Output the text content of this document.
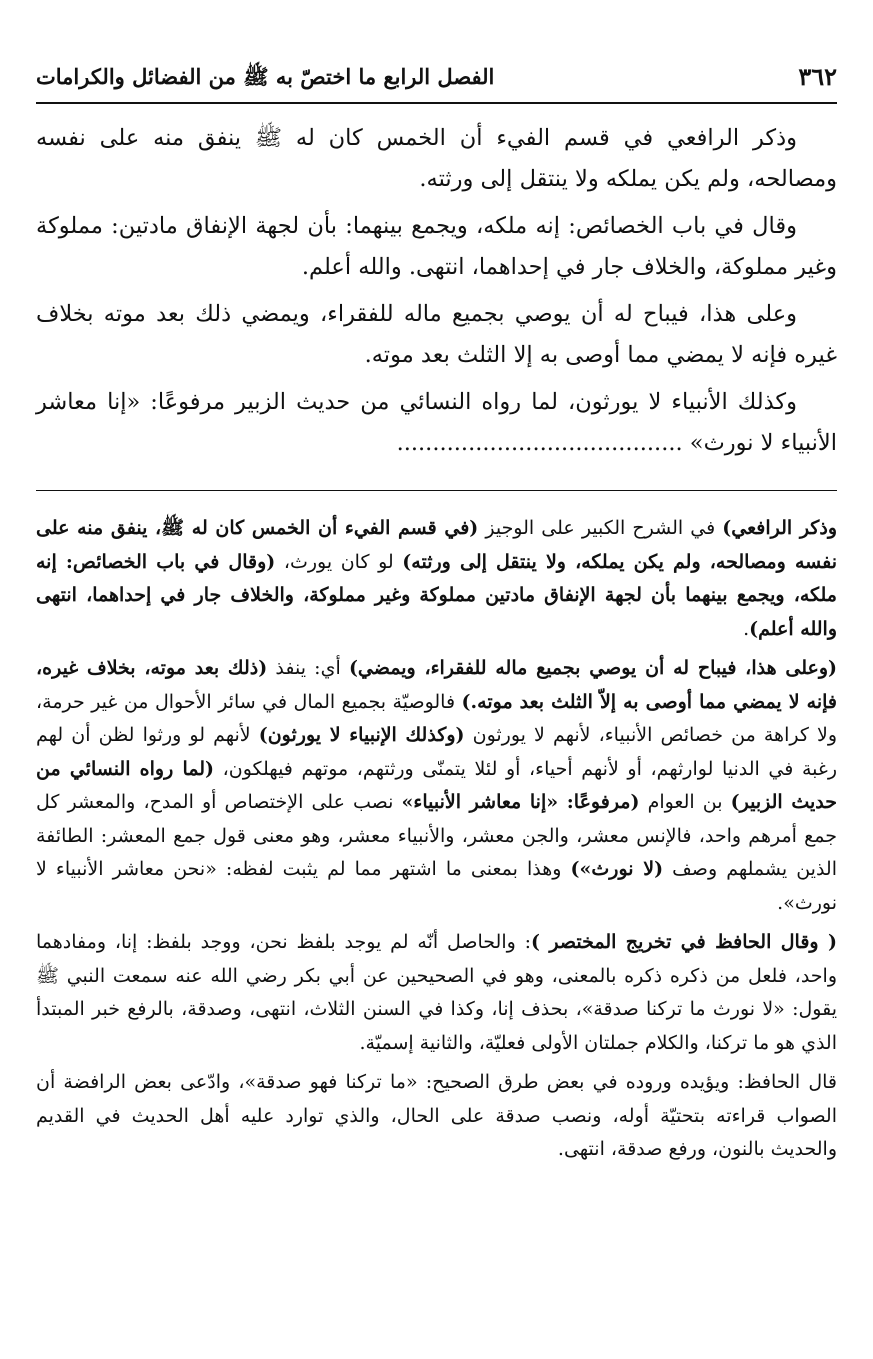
٣٦٢
الفصل الرابع ما اختصّ به ﷺ من الفضائل والكرامات

وذكر الرافعي في قسم الفيء أن الخمس كان له ﷺ ينفق منه على نفسه ومصالحه، ولم يكن يملكه ولا ينتقل إلى ورثته.

وقال في باب الخصائص: إنه ملكه، ويجمع بينهما: بأن لجهة الإنفاق مادتين: مملوكة وغير مملوكة، والخلاف جار في إحداهما، انتهى. والله أعلم.

وعلى هذا، فيباح له أن يوصي بجميع ماله للفقراء، ويمضي ذلك بعد موته بخلاف غيره فإنه لا يمضي مما أوصى به إلا الثلث بعد موته.

وكذلك الأنبياء لا يورثون، لما رواه النسائي من حديث الزبير مرفوعًا: «إنا معاشر الأنبياء لا نورث» ........................................

وذكر الرافعي) في الشرح الكبير على الوجيز (في قسم الفيء أن الخمس كان له ﷺ، ينفق منه على نفسه ومصالحه، ولم يكن يملكه، ولا ينتقل إلى ورثته) لو كان يورث، (وقال في باب الخصائص: إنه ملكه، ويجمع بينهما بأن لجهة الإنفاق مادتين مملوكة وغير مملوكة، والخلاف جار في إحداهما، انتهى والله أعلم).

(وعلى هذا، فيباح له أن يوصي بجميع ماله للفقراء، ويمضي) أي: ينفذ (ذلك بعد موته، بخلاف غيره، فإنه لا يمضي مما أوصى به إلاّ الثلث بعد موته.) فالوصيّة بجميع المال في سائر الأحوال من غير حرمة، ولا كراهة من خصائص الأنبياء، لأنهم لا يورثون (وكذلك الإنبياء لا يورثون) لأنهم لو ورثوا لظن أن لهم رغبة في الدنيا لوارثهم، أو لأنهم أحياء، أو لئلا يتمنّى ورثتهم، موتهم فيهلكون، (لما رواه النسائي من حديث الزبير) بن العوام (مرفوعًا: «إنا معاشر الأنبياء» نصب على الإختصاص أو المدح، والمعشر كل جمع أمرهم واحد، فالإنس معشر، والجن معشر، والأنبياء معشر، وهو معنى قول جمع المعشر: الطائفة الذين يشملهم وصف (لا نورث») وهذا بمعنى ما اشتهر مما لم يثبت لفظه: «نحن معاشر الأنبياء لا نورث».

( وقال الحافظ في تخريج المختصر ): والحاصل أنّه لم يوجد بلفظ نحن، ووجد بلفظ: إنا، ومفادهما واحد، فلعل من ذكره ذكره بالمعنى، وهو في الصحيحين عن أبي بكر رضي الله عنه سمعت النبي ﷺ يقول: «لا نورث ما تركنا صدقة»، بحذف إنا، وكذا في السنن الثلاث، انتهى، وصدقة، بالرفع خبر المبتدأ الذي هو ما تركنا، والكلام جملتان الأولى فعليّة، والثانية إسميّة.

قال الحافظ: ويؤيده وروده في بعض طرق الصحيح: «ما تركنا فهو صدقة»، وادّعى بعض الرافضة أن الصواب قراءته بتحتيّة أوله، ونصب صدقة على الحال، والذي توارد عليه أهل الحديث في القديم والحديث بالنون، ورفع صدقة، انتهى.
